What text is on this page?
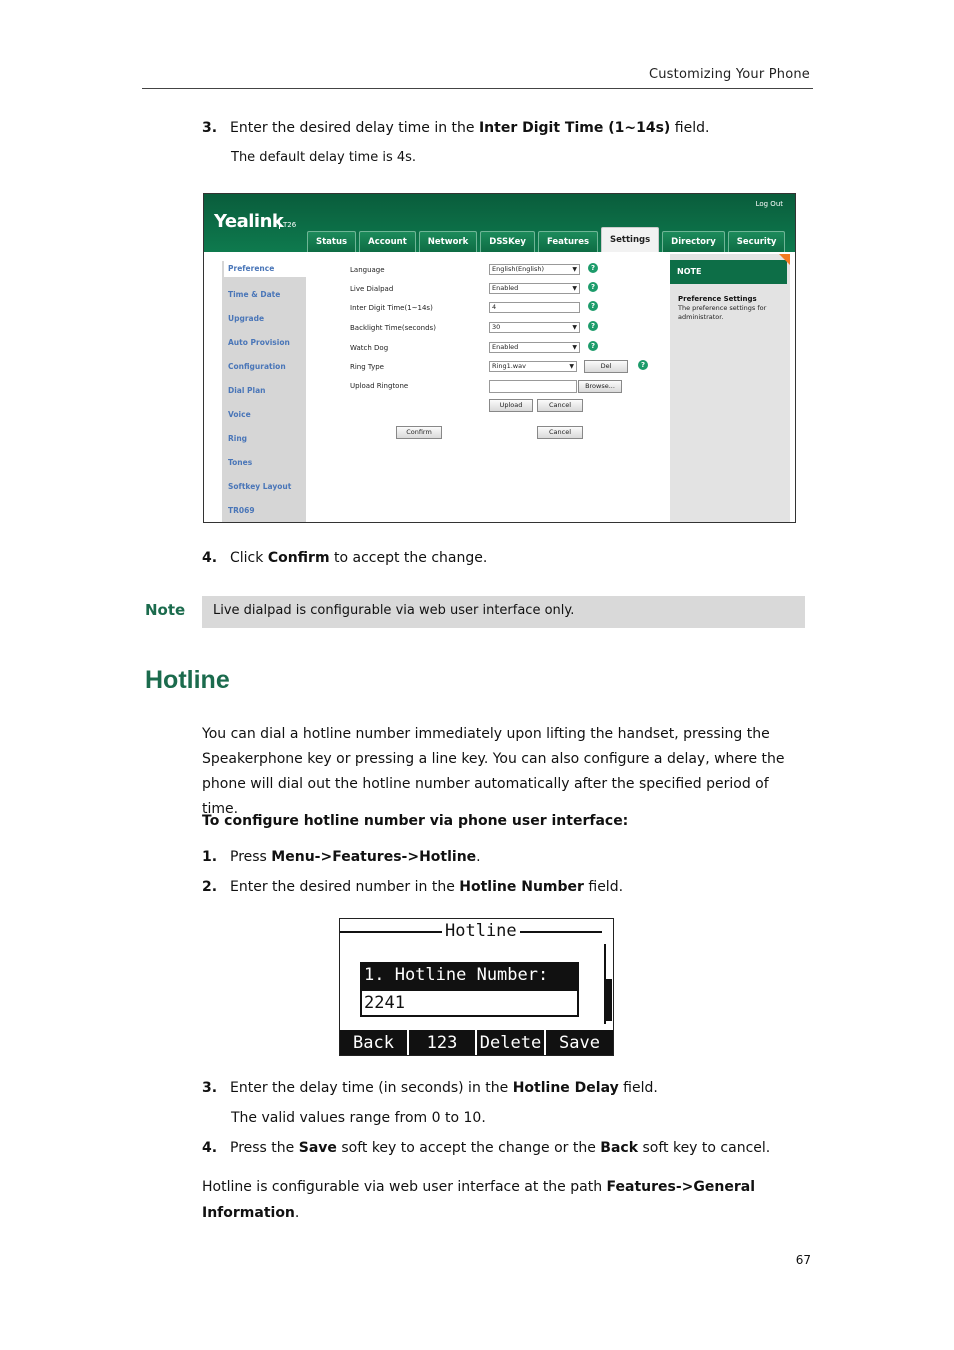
Customizing Your Phone
3. Enter the desired delay time in the Inter Digit Time (1~14s) field.
The default delay time is 4s.
Yealink T26
Log Out
Status	Account	Network	DSSKey	Features	Settings	Directory	Security
Preference
Time & Date
Upgrade
Auto Provision
Configuration
Dial Plan
Voice
Ring
Tones
Softkey Layout
TR069
Language	English(English)	▼	?
Live Dialpad	Enabled	▼	?
Inter Digit Time(1~14s)	4	?
Backlight Time(seconds)	30	▼	?
Watch Dog	Enabled	▼	?
Ring Type	Ring1.wav	▼	Del	?
Upload Ringtone	Browse...
Upload	Cancel
Confirm	Cancel
NOTE
Preference Settings
The preference settings for administrator.
4. Click Confirm to accept the change.
Note	Live dialpad is configurable via web user interface only.
Hotline
You can dial a hotline number immediately upon lifting the handset, pressing the Speakerphone key or pressing a line key. You can also configure a delay, where the phone will dial out the hotline number automatically after the specified period of time.
To configure hotline number via phone user interface:
1. Press Menu->Features->Hotline.
2. Enter the desired number in the Hotline Number field.
Hotline
1. Hotline Number:
2241
Back	123	Delete	Save
3. Enter the delay time (in seconds) in the Hotline Delay field.
The valid values range from 0 to 10.
4. Press the Save soft key to accept the change or the Back soft key to cancel.
Hotline is configurable via web user interface at the path Features->General Information.
67
